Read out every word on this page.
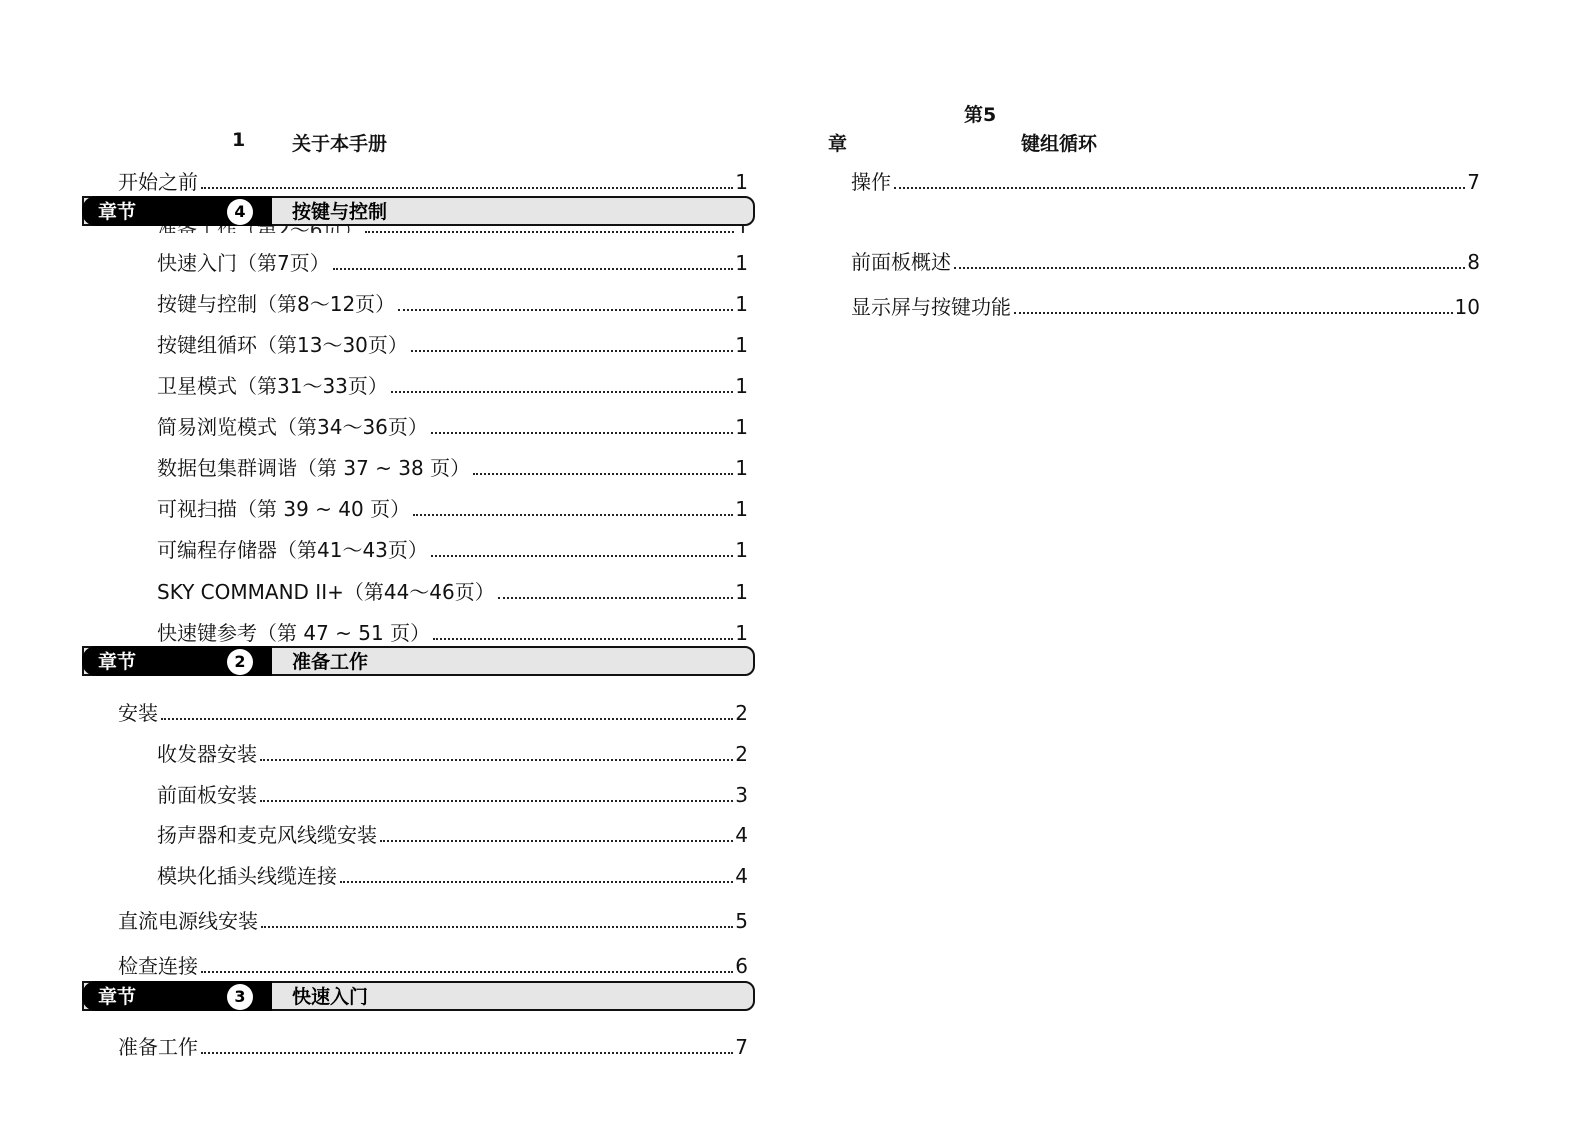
1 关于本手册
开始之前	1
章节	4	按键与控制
快速入门（第7页）	1
按键与控制（第8～12页）	1
按键组循环（第13～30页）	1
卫星模式（第31～33页）	1
简易浏览模式（第34～36页）	1
数据包集群调谐（第 37 ~ 38 页）	1
可视扫描（第 39 ~ 40 页）	1
可编程存储器（第41～43页）	1
SKY COMMAND II+（第44～46页）	1
快速键参考（第 47 ~ 51 页）	1
章节	2	准备工作
安装	2
收发器安装	2
前面板安装	3
扬声器和麦克风线缆安装	4
模块化插头线缆连接	4
直流电源线安装	5
检查连接	6
章节	3	快速入门
准备工作	7
第5
章	键组循环
操作	7
前面板概述	8
显示屏与按键功能	10
